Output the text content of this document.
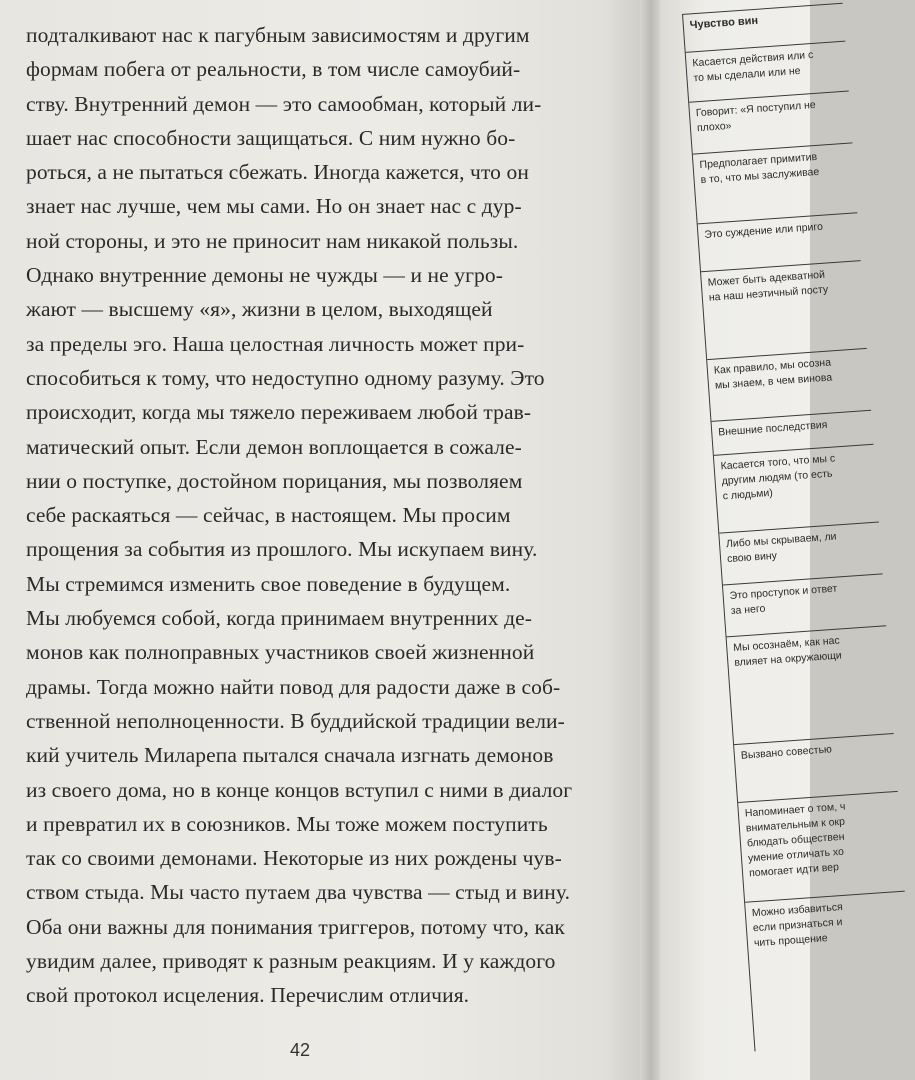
подталкивают нас к пагубным зависимостям и другим
формам побега от реальности, в том числе самоубий-
ству. Внутренний демон — это самообман, который ли-
шает нас способности защищаться. С ним нужно бо-
роться, а не пытаться сбежать. Иногда кажется, что он
знает нас лучше, чем мы сами. Но он знает нас с дур-
ной стороны, и это не приносит нам никакой пользы.
Однако внутренние демоны не чужды — и не угро-
жают — высшему «я», жизни в целом, выходящей
за пределы эго. Наша целостная личность может при-
способиться к тому, что недоступно одному разуму. Это
происходит, когда мы тяжело переживаем любой трав-
матический опыт. Если демон воплощается в сожале-
нии о поступке, достойном порицания, мы позволяем
себе раскаяться — сейчас, в настоящем. Мы просим
прощения за события из прошлого. Мы искупаем вину.
Мы стремимся изменить свое поведение в будущем.
Мы любуемся собой, когда принимаем внутренних де-
монов как полноправных участников своей жизненной
драмы. Тогда можно найти повод для радости даже в соб-
ственной неполноценности. В буддийской традиции вели-
кий учитель Миларепа пытался сначала изгнать демонов
из своего дома, но в конце концов вступил с ними в диалог
и превратил их в союзников. Мы тоже можем поступить
так со своими демонами. Некоторые из них рождены чув-
ством стыда. Мы часто путаем два чувства — стыд и вину.
Оба они важны для понимания триггеров, потому что, как
увидим далее, приводят к разным реакциям. И у каждого
свой протокол исцеления. Перечислим отличия.
42
Чувство вин
Касается действия или с
то мы сделали или не
Говорит: «Я поступил не
плохо»
Предполагает примитив
в то, что мы заслуживае
Это суждение или приго
Может быть адекватной
на наш неэтичный посту
Как правило, мы осозна
мы знаем, в чем винова
Внешние последствия
Касается того, что мы с
другим людям (то есть
с людьми)
Либо мы скрываем, ли
свою вину
Это проступок и ответ
за него
Мы осознаём, как нас
влияет на окружающи
Вызвано совестью
Напоминает о том, ч
внимательным к окр
блюдать обществен
умение отличать хо
помогает идти вер
Можно избавиться
если признаться и
чить прощение
